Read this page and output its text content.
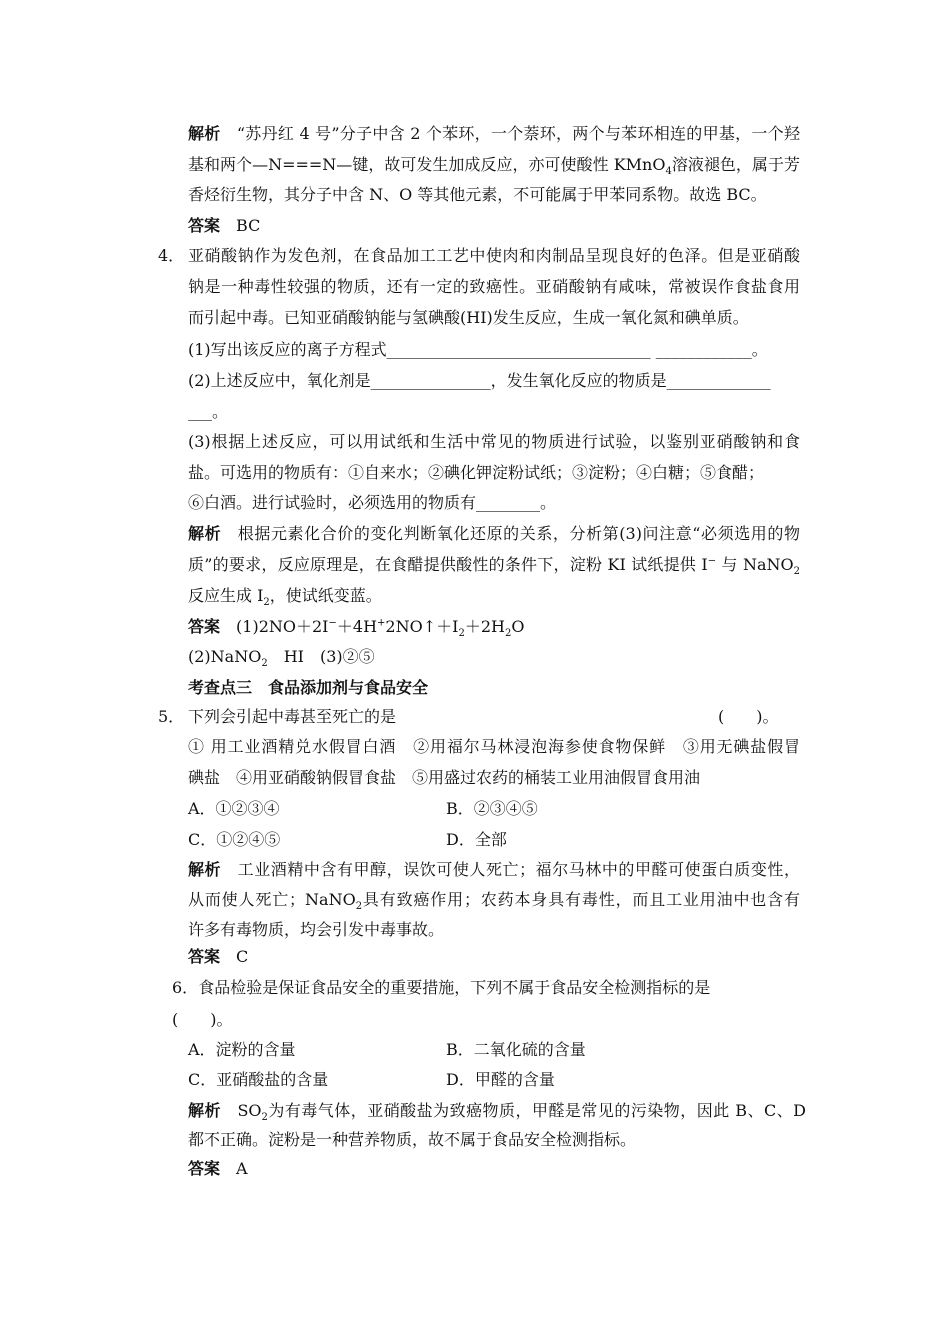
解析　 “苏丹红 4 号”分子中含 2 个苯环，一个萘环，两个与苯环相连的甲基，一个羟
基和两个—N===N—键，故可发生加成反应，亦可使酸性 KMnO$_4$溶液褪色，属于芳
香烃衍生物，其分子中含 N、O 等其他元素，不可能属于甲苯同系物。故选 BC。
答案　 BC
4． 亚硝酸钠作为发色剂，在食品加工工艺中使肉和肉制品呈现良好的色泽。但是亚硝酸
钠是一种毒性较强的物质，还有一定的致癌性。亚硝酸钠有咸味，常被误作食盐食用
而引起中毒。已知亚硝酸钠能与氢碘酸(HI)发生反应，生成一氧化氮和碘单质。
(1)写出该反应的离子方程式_________________________________ ____________。
(2)上述反应中，氧化剂是_______________，发生氧化反应的物质是_____________
___。
(3)根据上述反应，可以用试纸和生活中常见的物质进行试验，以鉴别亚硝酸钠和食
盐。可选用的物质有：①自来水；②碘化钾淀粉试纸；③淀粉；④白糖；⑤食醋；
⑥白酒。进行试验时，必须选用的物质有________。
解析　 根据元素化合价的变化判断氧化还原的关系，分析第(3)问注意“必须选用的物
质”的要求，反应原理是，在食醋提供酸性的条件下，淀粉 KI 试纸提供 I− 与 NaNO$_2$
反应生成 $I_2$，使试纸变蓝。
答案　 $(1)2NO+2I^-+4H^+2NO↑+I_2+2H_2O$
(2)NaNO$_2$　HI　(3)②⑤
考查点三　食品添加剂与食品安全
5． 下列会引起中毒甚至死亡的是	(　　)。
① 用工业酒精兑水假冒白酒　②用福尔马林浸泡海参使食物保鲜　③用无碘盐假冒
碘盐　④用亚硝酸钠假冒食盐　⑤用盛过农药的桶装工业用油假冒食用油
A．①②③④	B．②③④⑤
C．①②④⑤	D．全部
解析　 工业酒精中含有甲醇，误饮可使人死亡；福尔马林中的甲醛可使蛋白质变性，
从而使人死亡；NaNO$_2$具有致癌作用；农药本身具有毒性，而且工业用油中也含有
许多有毒物质，均会引发中毒事故。
答案　 C
6．食品检验是保证食品安全的重要措施，下列不属于食品安全检测指标的是
(　　)。
A．淀粉的含量	B．二氧化硫的含量
C．亚硝酸盐的含量	D．甲醛的含量
解析　 $SO_2$为有毒气体，亚硝酸盐为致癌物质，甲醛是常见的污染物，因此 B、C、D
都不正确。淀粉是一种营养物质，故不属于食品安全检测指标。
答案　 A
